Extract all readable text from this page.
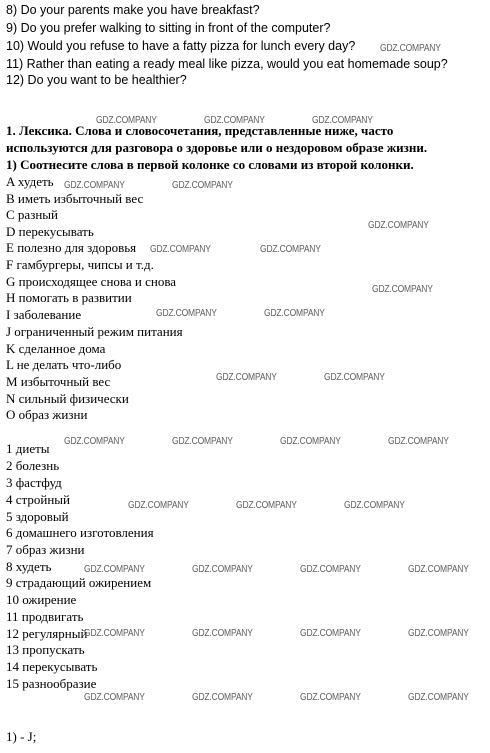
8) Do your parents make you have breakfast?
9) Do you prefer walking to sitting in front of the computer?
10) Would you refuse to have a fatty pizza for lunch every day?
11) Rather than eating a ready meal like pizza, would you eat homemade soup?
12) Do you want to be healthier?
1. Лексика. Слова и словосочетания, представленные ниже, часто
используются для разговора о здоровье или о нездоровом образе жизни.
1) Соотнесите слова в первой колонке со словами из второй колонки.
A худеть
B иметь избыточный вес
C разный
D перекусывать
E полезно для здоровья
F гамбургеры, чипсы и т.д.
G происходящее снова и снова
H помогать в развитии
I заболевание
J ограниченный режим питания
K сделанное дома
L не делать что-либо
M избыточный вес
N сильный физически
O образ жизни
1 диеты
2 болезнь
3 фастфуд
4 стройный
5 здоровый
6 домашнего изготовления
7 образ жизни
8 худеть
9 страдающий ожирением
10 ожирение
11 продвигать
12 регулярный
13 пропускать
14 перекусывать
15 разнообразие
1) - J;
GDZ.COMPANY
GDZ.COMPANY	GDZ.COMPANY	GDZ.COMPANY
GDZ.COMPANY	GDZ.COMPANY
GDZ.COMPANY
GDZ.COMPANY	GDZ.COMPANY
GDZ.COMPANY
GDZ.COMPANY	GDZ.COMPANY
GDZ.COMPANY	GDZ.COMPANY
GDZ.COMPANY	GDZ.COMPANY	GDZ.COMPANY	GDZ.COMPANY
GDZ.COMPANY	GDZ.COMPANY	GDZ.COMPANY
GDZ.COMPANY	GDZ.COMPANY	GDZ.COMPANY	GDZ.COMPANY
GDZ.COMPANY	GDZ.COMPANY	GDZ.COMPANY	GDZ.COMPANY
GDZ.COMPANY	GDZ.COMPANY	GDZ.COMPANY	GDZ.COMPANY
